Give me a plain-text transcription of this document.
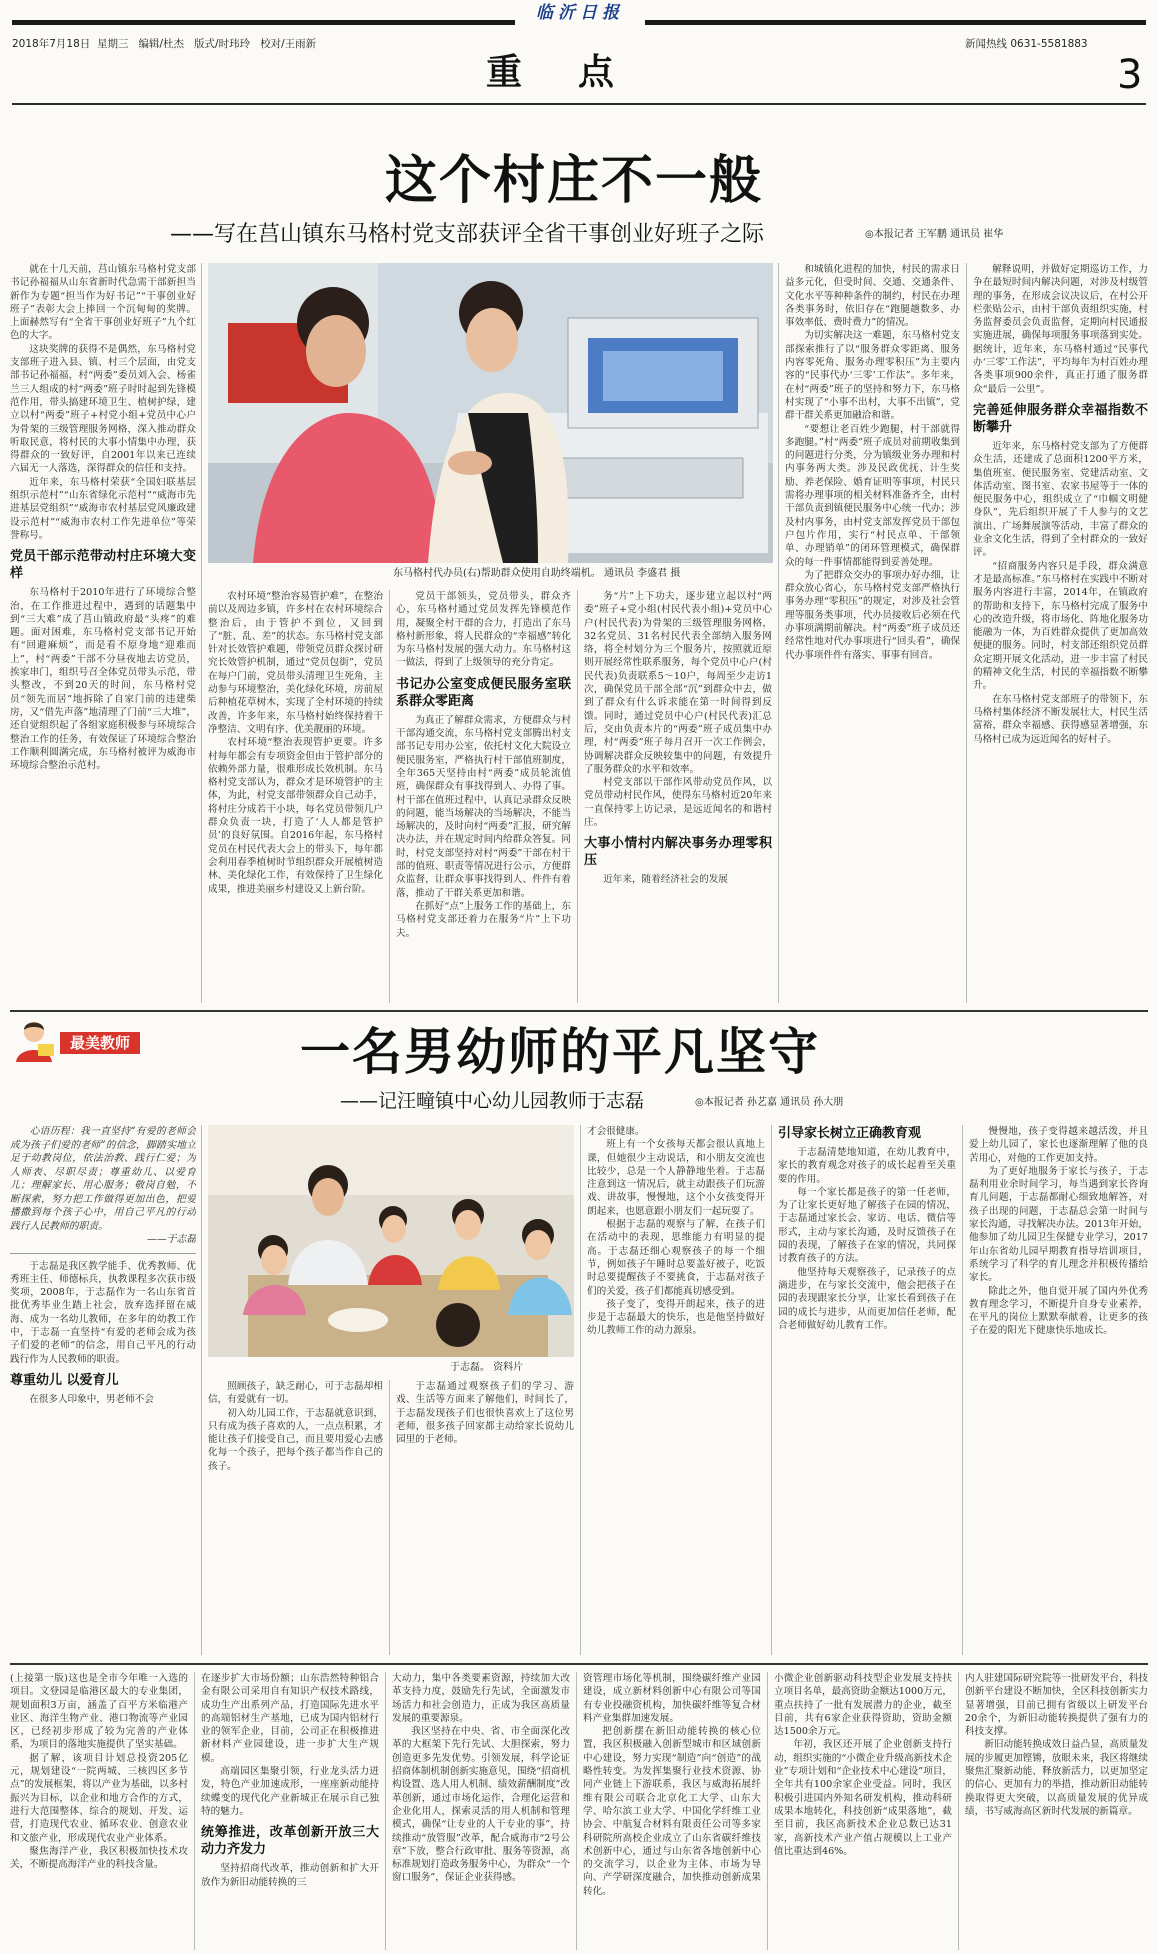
临沂日报
2018年7月18日 星期三 编辑/杜杰 版式/时玮玲 校对/王雨新
重　点
新闻热线 0631-5581883
3
这个村庄不一般
——写在莒山镇东马格村党支部获评全省干事创业好班子之际	◎本报记者 王军鹏 通讯员 崔华

就在十几天前，莒山镇东马格村党支部书记孙福福从山东省新时代急需干部新担当新作为专题“担当作为好书记”“干事创业好班子”表彰大会上捧回一个沉甸甸的奖牌。上面赫然写有“全省干事创业好班子”九个红色的大字。

这块奖牌的获得不是偶然，东马格村党支部班子进入县、镇、村三个层面，由党支部书记孙福福，村“两委”委员刘入会、杨雀兰三人组成的村“两委”班子时时起到先锋模范作用，带头搞建环境卫生、植树护绿，建立以村“两委”班子+村党小组+党员中心户为骨架的三级管理服务网格，深入推动群众听取民意，将村民的大事小情集中办理，获得群众的一致好评，自2001年以来已连续六届无一人落选，深得群众的信任和支持。

近年来，东马格村荣获“全国妇联基层组织示范村”“山东省绿化示范村”“威海市先进基层党组织”“威海市农村基层党风廉政建设示范村”“威海市农村工作先进单位”等荣誉称号。

党员干部示范带动村庄环境大变样

东马格村于2010年进行了环境综合整治，在工作推进过程中，遇到的话题集中到“三大难”成了莒山镇政府最“头疼”的难题。面对困难，东马格村党支部书记开始有“回避麻烦”，而是看不原身地“迎难而上”，村“两委”干部不分昼夜地去访党员，挨家串门，组织号召全体党员带头示范，带头整改，不到20天的时间，东马格村党员“领先而居”地拆除了自家门前的违建柴房，又“借先声落”地清理了门前“三大堆”，还自觉组织起了各组家庭积极参与环境综合整治工作的任务，有效保证了环境综合整治工作顺利圆满完成，东马格村被评为威海市环境综合整治示范村。

东马格村代办员(右)帮助群众使用自助终端机。 通讯员 李盛君 摄

农村环境“整治容易管护难”，在整治前以及周边多镇，许多村在农村环境综合整治后，由于管护不到位，又回到了“脏、乱、差”的状态。东马格村党支部针对长效管护难题，带领党员群众探讨研究长效管护机制，通过“党员包街”，党员在每户门前，党员带头清理卫生死角，主动参与环境整治，美化绿化环境，房前屋后种植花草树木，实现了全村环境的持续改善，许多年来，东马格村始终保持着干净整洁、文明有序、优美靓丽的环境。

农村环境“整治表现管护更要。许多村每年都会有专项资金但由于管护部分的依赖外部力量，很难形成长效机制。东马格村党支部认为，群众才是环境管护的主体，为此，村党支部带领群众自己动手，将村庄分成若干小块，每名党员带领几户群众负责一块，打造了‘人人都是管护员’的良好氛围。自2016年起，东马格村党员在村民代表大会上的带头下，每年都会利用春季植树时节组织群众开展植树造林、美化绿化工作，有效保持了卫生绿化成果，推进美丽乡村建设又上新台阶。

党员干部领头，党员带头，群众齐心，东马格村通过党员发挥先锋模范作用，凝聚全村干群的合力，打造出了东马格村新形象，将人民群众的“幸福感”转化为东马格村发展的强大动力。东马格村这一做法，得到了上级领导的充分肯定。

书记办公室变成便民服务室联系群众零距离

为真正了解群众需求，方便群众与村干部沟通交流，东马格村党支部腾出村支部书记专用办公室，依托村文化大院设立便民服务室，严格执行村干部值班制度，全年365天坚持由村“两委”成员轮流值班，确保群众有事找得到人、办得了事。村干部在值班过程中，认真记录群众反映的问题，能当场解决的当场解决，不能当场解决的，及时向村“两委”汇报，研究解决办法，并在规定时间内给群众答复。同时，村党支部坚持对村“两委”干部在村干部的值班、职责等情况进行公示，方便群众监督，让群众事事找得到人、件件有着落，推动了干群关系更加和谐。

在抓好“点”上服务工作的基础上，东马格村党支部还着力在服务“片”上下功夫。

务“片”上下功夫，逐步建立起以村“两委”班子+党小组(村民代表小组)+党员中心户(村民代表)为骨架的三级管理服务网格，32名党员、31名村民代表全部纳入服务网络，将全村划分为三个服务片，按照就近原则开展经常性联系服务，每个党员中心户(村民代表)负责联系5～10户，每周至少走访1次，确保党员干部全部“沉”到群众中去，做到了群众有什么诉求能在第一时间得到反馈。同时，通过党员中心户(村民代表)汇总后，交由负责本片的“两委”班子成员集中办理，村“两委”班子每月召开一次工作例会，协调解决群众反映较集中的问题，有效提升了服务群众的水平和效率。

村党支部以干部作风带动党员作风，以党员带动村民作风，使得东马格村近20年来一直保持零上访记录，是远近闻名的和谐村庄。

大事小情村内解决事务办理零积压

近年来，随着经济社会的发展

和城镇化进程的加快，村民的需求日益多元化，但受时间、交通、交通条件、文化水平等种种条件的制约，村民在办理各类事务时，依旧存在“跑腿趟数多、办事效率低、费时费力”的情况。

为切实解决这一难题，东马格村党支部探索推行了以“服务群众零距离、服务内容零死角、服务办理零积压”为主要内容的“民事代办‘三零’工作法”。多年来，在村“两委”班子的坚持和努力下，东马格村实现了“小事不出村，大事不出镇”，党群干群关系更加融洽和谐。

“要想让老百姓少跑腿，村干部就得多跑腿。”村“两委”班子成员对前期收集到的问题进行分类，分为镇级业务办理和村内事务两大类。涉及民政优抚、计生奖励、养老保险、婚育证明等事项，村民只需将办理事项的相关材料准备齐全，由村干部负责到镇便民服务中心统一代办；涉及村内事务，由村党支部发挥党员干部包户包片作用，实行“村民点单、干部领单、办理销单”的闭环管理模式，确保群众的每一件事情都能得到妥善处理。

为了把群众交办的事项办好办细，让群众放心省心，东马格村党支部严格执行事务办理“零积压”的规定，对涉及社会管理等服务类事项，代办员接收后必须在代办事项满期前解决。村“两委”班子成员还经常性地对代办事项进行“回头看”，确保代办事项件件有落实、事事有回音。

解释说明，并做好定期巡访工作，力争在最短时间内解决问题，对涉及村级管理的事务，在形成会议决议后，在村公开栏张贴公示，由村干部负责组织实施，村务监督委员会负责监督，定期向村民通报实施进展，确保每项服务事项落到实处。据统计，近年来，东马格村通过“民事代办‘三零’工作法”，平均每年为村百姓办理各类事项900余件，真正打通了服务群众“最后一公里”。

完善延伸服务群众幸福指数不断攀升

近年来，东马格村党支部为了方便群众生活，还建成了总面积1200平方米，集值班室、便民服务室、党建活动室、文体活动室、图书室、农家书屋等于一体的便民服务中心，组织成立了“巾帼文明健身队”，先后组织开展了千人参与的文艺演出、广场舞展演等活动，丰富了群众的业余文化生活，得到了全村群众的一致好评。

“招商服务内容只是手段，群众满意才是最高标准。”东马格村在实践中不断对服务内容进行丰富，2014年，在镇政府的帮助和支持下，东马格村完成了服务中心的改造升级，将市场化、阵地化服务功能融为一体，为百姓群众提供了更加高效便捷的服务。同时，村支部还组织党员群众定期开展文化活动，进一步丰富了村民的精神文化生活，村民的幸福指数不断攀升。

在东马格村党支部班子的带领下，东马格村集体经济不断发展壮大，村民生活富裕，群众幸福感、获得感显著增强，东马格村已成为远近闻名的好村子。

最美教师	一名男幼师的平凡坚守
——记汪疃镇中心幼儿园教师于志磊	◎本报记者 孙艺嘉 通讯员 孙大朋

心语历程：我一直坚持“有爱的老师会成为孩子们爱的老师”的信念，脚踏实地立足于幼教岗位，依法治教、践行仁爱；为人师表、尽职尽责；尊重幼儿、以爱育儿；理解家长、用心服务；敬岗自勉，不断探索，努力把工作做得更加出色，把爱播撒到每个孩子心中，用自己平凡的行动践行人民教师的职责。

——于志磊

于志磊是我区教学能手、优秀教师、优秀班主任、师德标兵，执教课程多次获市级奖项，2008年，于志磊作为一名山东省首批优秀毕业生踏上社会，放弃选择留在威海、成为一名幼儿教师，在多年的幼教工作中，于志磊一直坚持“有爱的老师会成为孩子们爱的老师”的信念，用自己平凡的行动践行作为人民教师的职责。

尊重幼儿 以爱育儿

在很多人印象中，男老师不会

于志磊。 资料片

照顾孩子，缺乏耐心，可于志磊却相信，有爱就有一切。

初入幼儿园工作，于志磊就意识到，只有成为孩子喜欢的人，一点点积累，才能让孩子们接受自己，而且要用爱心去感化每一个孩子，把每个孩子都当作自己的孩子。

于志磊通过观察孩子们的学习、游戏、生活等方面来了解他们，时间长了，于志磊发现孩子们也很快喜欢上了这位男老师，很多孩子回家都主动给家长说幼儿园里的于老师。

才会很健康。

班上有一个女孩每天都会很认真地上课，但她很少主动说话，和小朋友交流也比较少，总是一个人静静地坐着。于志磊注意到这一情况后，就主动跟孩子们玩游戏、讲故事，慢慢地，这个小女孩变得开朗起来，也愿意跟小朋友们一起玩耍了。

根据于志磊的观察与了解，在孩子们在活动中的表现，思维能力有明显的提高。于志磊还细心观察孩子的每一个细节，例如孩子午睡时总要盖好被子，吃饭时总要提醒孩子不要挑食，于志磊对孩子们的关爱，孩子们都能真切感受到。

孩子变了，变得开朗起来，孩子的进步是于志磊最大的快乐，也是他坚持做好幼儿教师工作的动力源泉。

引导家长树立正确教育观

于志磊清楚地知道，在幼儿教育中，家长的教育观念对孩子的成长起着至关重要的作用。

每一个家长都是孩子的第一任老师，为了让家长更好地了解孩子在园的情况，于志磊通过家长会、家访、电话、微信等形式，主动与家长沟通，及时反馈孩子在园的表现，了解孩子在家的情况，共同探讨教育孩子的方法。

他坚持每天观察孩子，记录孩子的点滴进步，在与家长交流中，他会把孩子在园的表现跟家长分享，让家长看到孩子在园的成长与进步，从而更加信任老师，配合老师做好幼儿教育工作。

慢慢地，孩子变得越来越活泼，并且爱上幼儿园了，家长也逐渐理解了他的良苦用心，对他的工作更加支持。

为了更好地服务于家长与孩子，于志磊利用业余时间学习，每当遇到家长咨询育儿问题，于志磊都耐心细致地解答，对孩子出现的问题，于志磊总会第一时间与家长沟通，寻找解决办法。2013年开始，他参加了幼儿园卫生保健专业学习，2017年山东省幼儿园早期教育指导培训项目，系统学习了科学的育儿理念并积极传播给家长。

除此之外，他自觉开展了国内外优秀教育理念学习，不断提升自身专业素养，在平凡的岗位上默默奉献着，让更多的孩子在爱的阳光下健康快乐地成长。

(上接第一版)这也是全市今年唯一入选的项目。文登园是临港区最大的专业集团，规划面积3万亩，涵盖了百平方米临港产业区、海洋生物产业、港口物流等产业园区，已经初步形成了较为完善的产业体系，为项目的落地实施提供了坚实基础。

据了解，该项目计划总投资205亿元，规划建设“一院两城、三核四区多节点”的发展框架，将以产业为基础，以多村振兴为目标，以企业和地方合作的方式，进行大范围整体、综合的规划、开发、运营，打造现代农业、循环农业、创意农业和文旅产业，形成现代农业产业体系。

聚焦海洋产业，我区积极加快技术攻关，不断提高海洋产业的科技含量。

在逐步扩大市场份额；山东浩然特种铝合金有限公司采用自有知识产权技术路线，成功生产出系列产品，打造国际先进水平的高端铝材生产基地，已成为国内铝材行业的领军企业，目前，公司正在积极推进新材料产业园建设，进一步扩大生产规模。

高端园区集聚引领，行业龙头活力迸发，特色产业加速成形，一座座新动能持续蝶变的现代化产业新城正在展示自己独特的魅力。

统筹推进，改革创新开放三大动力齐发力

坚持招商代改革，推动创新和扩大开放作为新旧动能转换的三

大动力，集中各类要素资源，持续加大改革支持力度，鼓励先行先试，全面激发市场活力和社会创造力，正成为我区高质量发展的重要源泉。

我区坚持在中央、省、市全面深化改革的大框架下先行先试、大胆探索，努力创造更多先发优势。引领发展，科学论证招商体制机制创新实施意见，围绕“招商机构设置、选人用人机制、绩效薪酬制度”改革创新，通过市场化运作，合理化运营和企业化用人，探索灵活的用人机制和管理模式，确保“让专业的人干专业的事”，持续推动“放管服”改革，配合威海市“2号公章”下放，整合行政审批、服务等资源，高标准规划打造政务服务中心，为群众“一个窗口服务”，保证企业获得感。

资管理市场化等机制，围绕碳纤维产业园建设，成立新材料创新中心有限公司等国有专业投融资机构，加快碳纤维等复合材料产业集群加速发展。

把创新摆在新旧动能转换的核心位置，我区积极融入创新型城市和区域创新中心建设，努力实现“制造”向“创造”的战略性转变。为发挥集聚行业技术资源、协同产业链上下游联系，我区与威海拓展纤维有限公司联合北京化工大学、山东大学、哈尔滨工业大学、中国化学纤维工业协会、中航复合材料有限责任公司等多家科研院所高校企业成立了山东省碳纤维技术创新中心，通过与山东省各地创新中心的交流学习，以企业为主体、市场为导向、产学研深度融合，加快推动创新成果转化。

小微企业创新驱动科技型企业发展支持扶立项目名单，最高资助金额达1000万元，重点扶持了一批有发展潜力的企业，截至目前，共有6家企业获得资助，资助金额达1500余万元。

年初，我区还开展了企业创新支持行动，组织实施的“小微企业升级高新技术企业”专项计划和“企业技术中心建设”项目，全年共有100余家企业受益。同时，我区积极引进国内外知名研发机构，推动科研成果本地转化，科技创新“成果落地”，截至目前，我区高新技术企业总数已达31家，高新技术产业产值占规模以上工业产值比重达到46%。

内人驻建国际研究院等一批研发平台，科技创新平台建设不断加快，全区科技创新实力显著增强，目前已拥有省级以上研发平台20余个，为新旧动能转换提供了强有力的科技支撑。

新旧动能转换成效日益凸显，高质量发展的步履更加铿锵，放眼未来，我区将继续聚焦汇聚新动能、释放新活力，以更加坚定的信心、更加有力的举措，推动新旧动能转换取得更大突破，以高质量发展的优异成绩，书写威海高区新时代发展的新篇章。
